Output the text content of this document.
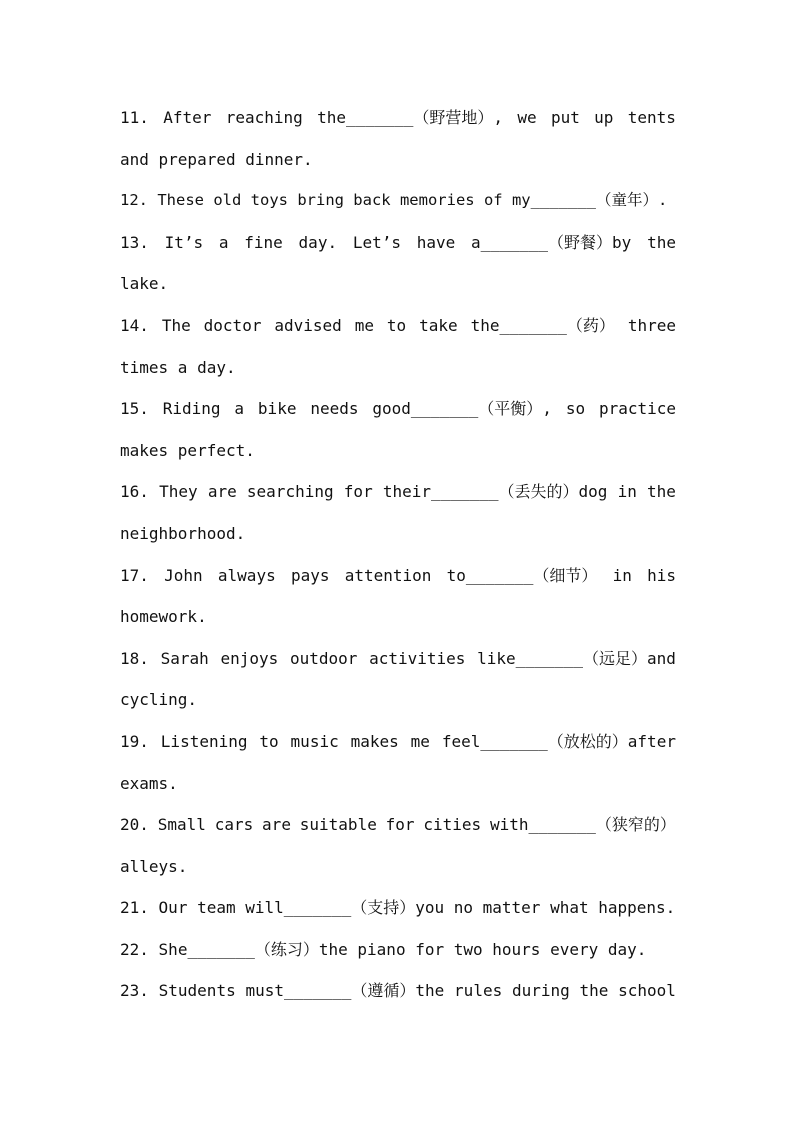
11. After reaching the_______（野营地）, we put up tents
and prepared dinner.
12. These old toys bring back memories of my_______（童年）.
13. It’s a fine day. Let’s have a_______（野餐）by the
lake.
14. The doctor advised me to take the_______（药） three
times a day.
15. Riding a bike needs good_______（平衡）, so practice
makes perfect.
16. They are searching for their_______（丢失的）dog in the
neighborhood.
17. John always pays attention to_______（细节） in his
homework.
18. Sarah enjoys outdoor activities like_______（远足）and
cycling.
19. Listening to music makes me feel_______（放松的）after
exams.
20. Small cars are suitable for cities with_______（狭窄的）
alleys.
21. Our team will_______（支持）you no matter what happens.
22. She_______（练习）the piano for two hours every day.
23. Students must_______（遵循）the rules during the school
